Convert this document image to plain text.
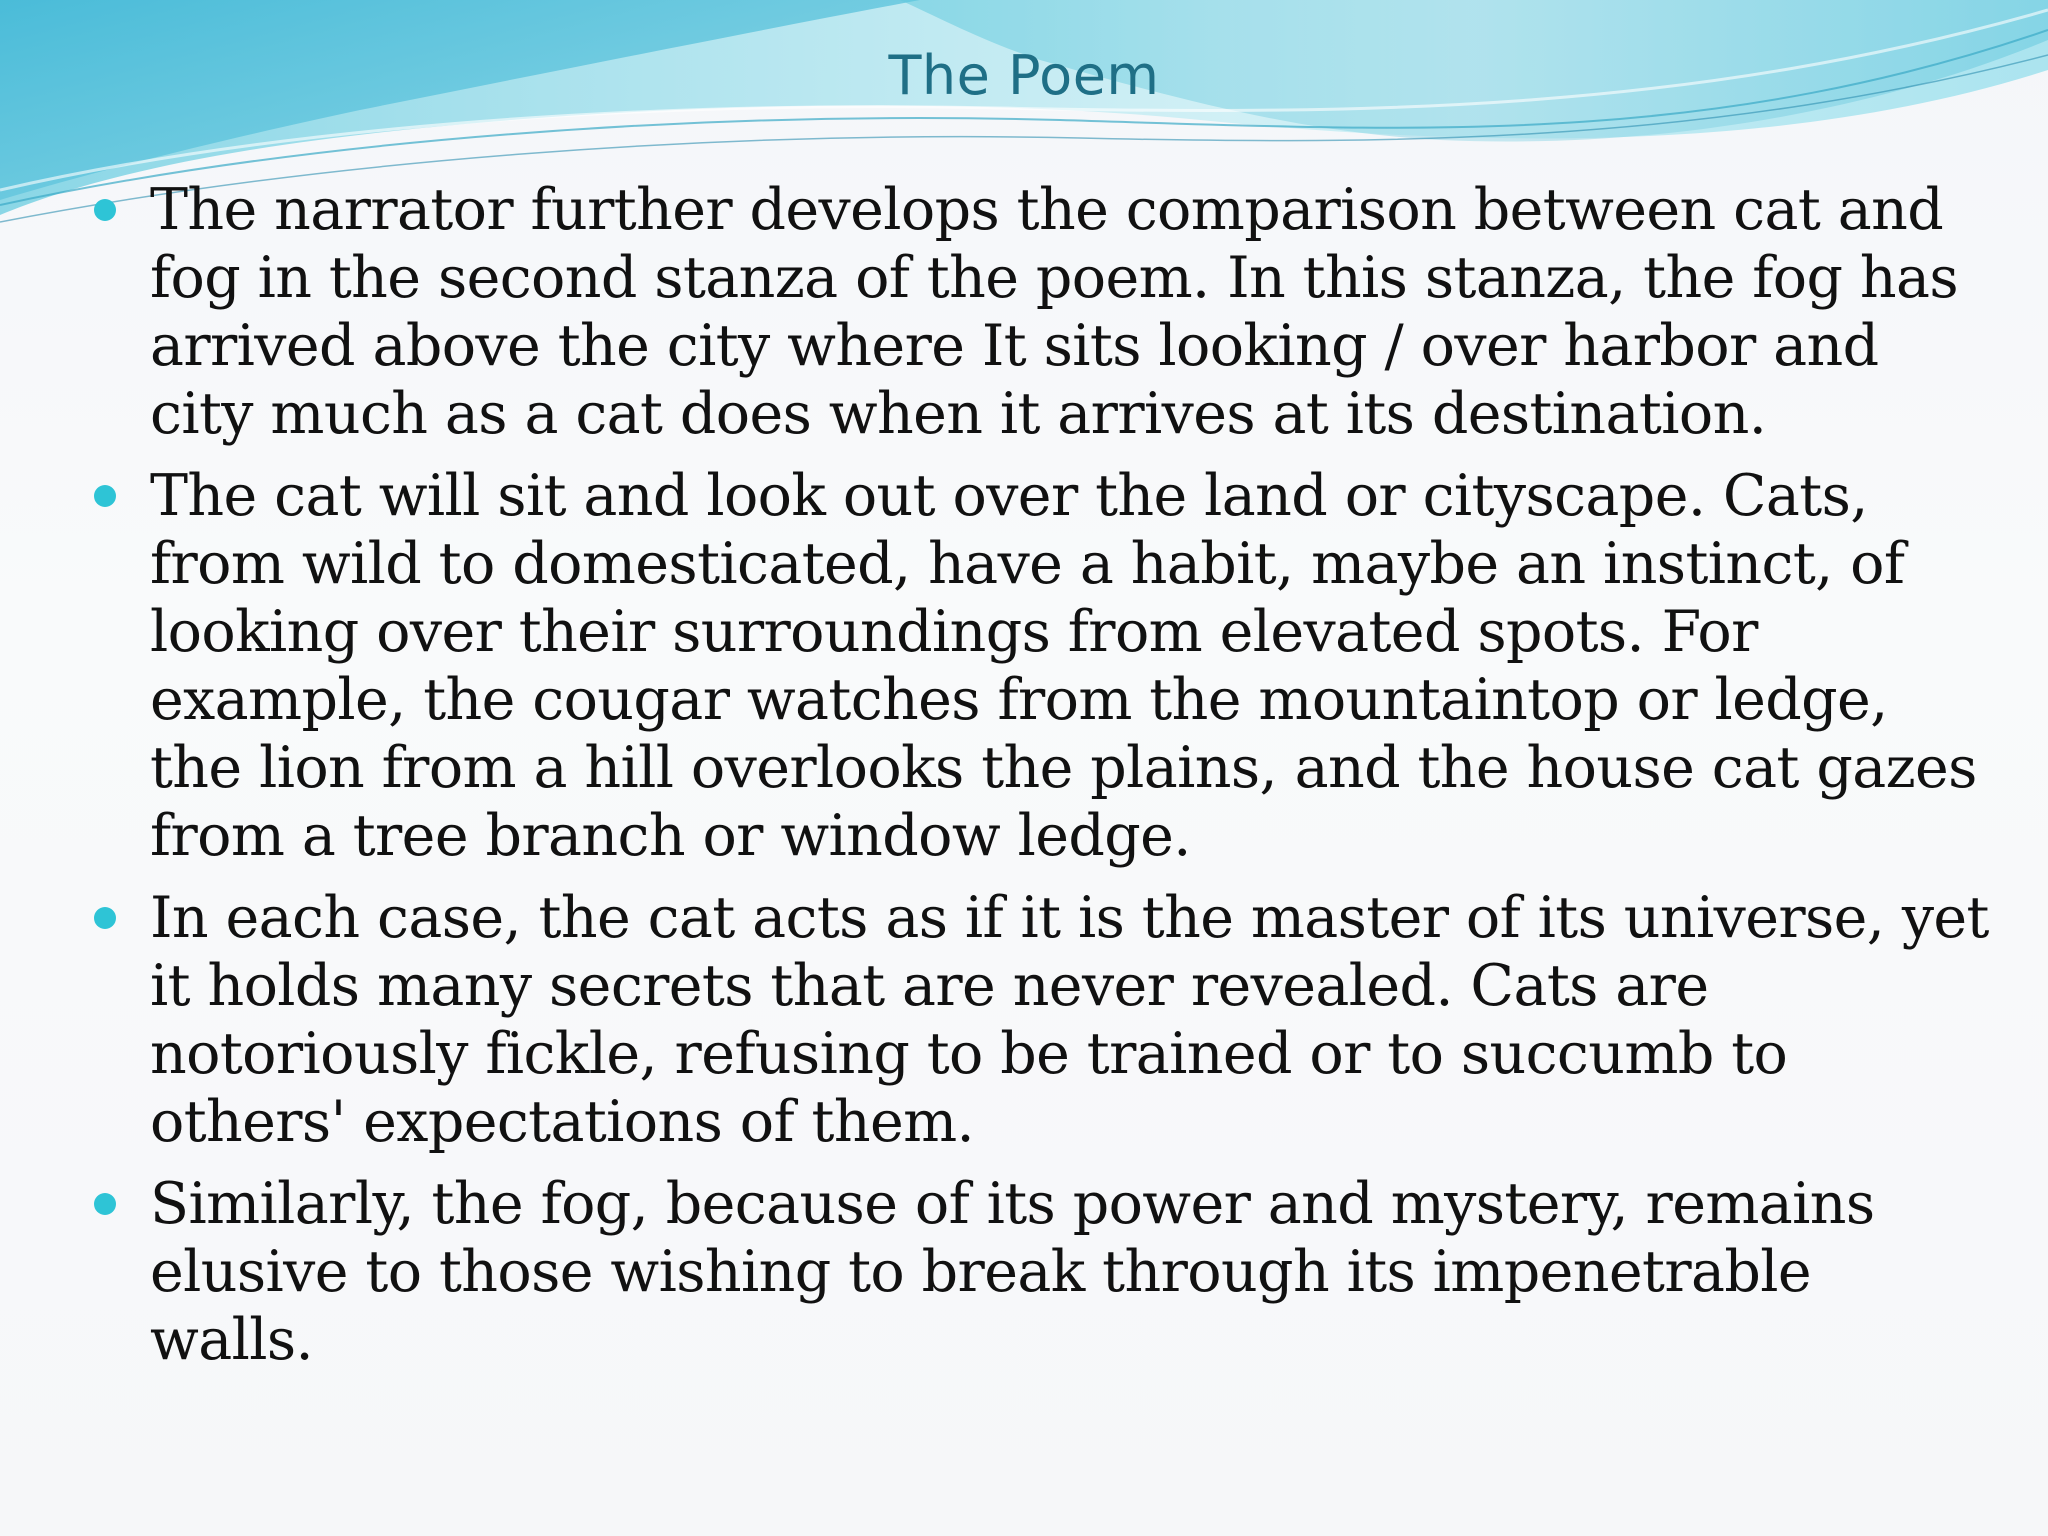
The Poem
The narrator further develops the comparison between cat and fog in the second stanza of the poem. In this stanza, the fog has arrived above the city where It sits looking / over harbor and city much as a cat does when it arrives at its destination.
The cat will sit and look out over the land or cityscape. Cats, from wild to domesticated, have a habit, maybe an instinct, of looking over their surroundings from elevated spots. For example, the cougar watches from the mountaintop or ledge, the lion from a hill overlooks the plains, and the house cat gazes from a tree branch or window ledge.
In each case, the cat acts as if it is the master of its universe, yet it holds many secrets that are never revealed. Cats are notoriously fickle, refusing to be trained or to succumb to others' expectations of them.
Similarly, the fog, because of its power and mystery, remains elusive to those wishing to break through its impenetrable walls.
